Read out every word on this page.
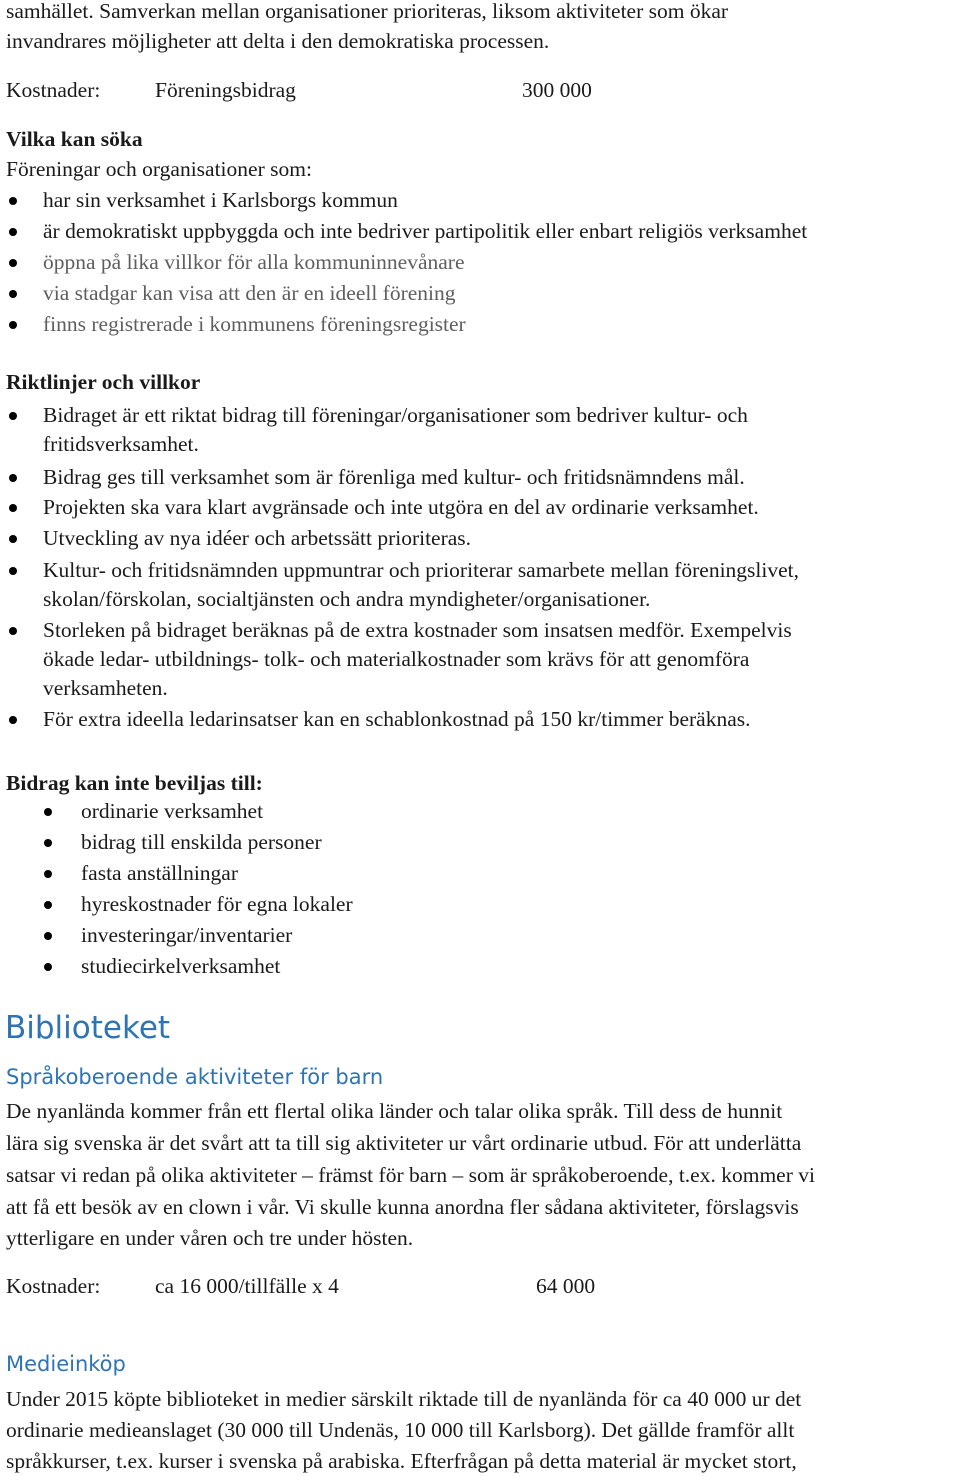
samhället. Samverkan mellan organisationer prioriteras, liksom aktiviteter som ökar
invandrares möjligheter att delta i den demokratiska processen.
Kostnader:	Föreningsbidrag	300 000
Vilka kan söka
Föreningar och organisationer som:
har sin verksamhet i Karlsborgs kommun
är demokratiskt uppbyggda och inte bedriver partipolitik eller enbart religiös verksamhet
öppna på lika villkor för alla kommuninnevånare
via stadgar kan visa att den är en ideell förening
finns registrerade i kommunens föreningsregister
Riktlinjer och villkor
Bidraget är ett riktat bidrag till föreningar/organisationer som bedriver kultur- och
fritidsverksamhet.
Bidrag ges till verksamhet som är förenliga med kultur- och fritidsnämndens mål.
Projekten ska vara klart avgränsade och inte utgöra en del av ordinarie verksamhet.
Utveckling av nya idéer och arbetssätt prioriteras.
Kultur- och fritidsnämnden uppmuntrar och prioriterar samarbete mellan föreningslivet,
skolan/förskolan, socialtjänsten och andra myndigheter/organisationer.
Storleken på bidraget beräknas på de extra kostnader som insatsen medför. Exempelvis
ökade ledar- utbildnings- tolk- och materialkostnader som krävs för att genomföra
verksamheten.
För extra ideella ledarinsatser kan en schablonkostnad på 150 kr/timmer beräknas.
Bidrag kan inte beviljas till:
ordinarie verksamhet
bidrag till enskilda personer
fasta anställningar
hyreskostnader för egna lokaler
investeringar/inventarier
studiecirkelverksamhet
Biblioteket
Språkoberoende aktiviteter för barn
De nyanlända kommer från ett flertal olika länder och talar olika språk. Till dess de hunnit
lära sig svenska är det svårt att ta till sig aktiviteter ur vårt ordinarie utbud. För att underlätta
satsar vi redan på olika aktiviteter – främst för barn – som är språkoberoende, t.ex. kommer vi
att få ett besök av en clown i vår. Vi skulle kunna anordna fler sådana aktiviteter, förslagsvis
ytterligare en under våren och tre under hösten.
Kostnader:	ca 16 000/tillfälle x 4	64 000
Medieinköp
Under 2015 köpte biblioteket in medier särskilt riktade till de nyanlända för ca 40 000 ur det
ordinarie medieanslaget (30 000 till Undenäs, 10 000 till Karlsborg). Det gällde framför allt
språkkurser, t.ex. kurser i svenska på arabiska. Efterfrågan på detta material är mycket stort,
